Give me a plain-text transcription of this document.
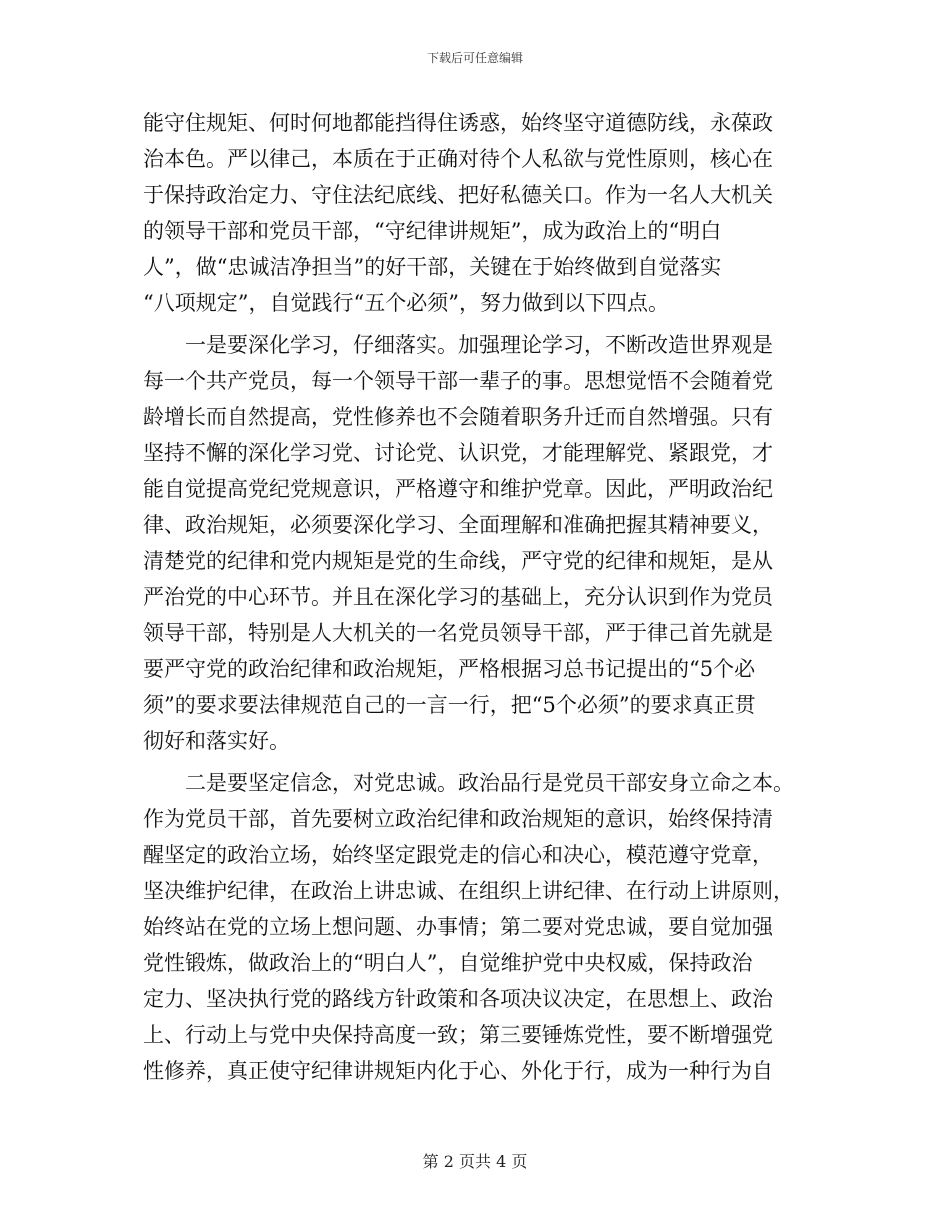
下载后可任意编辑
能守住规矩、何时何地都能挡得住诱惑，始终坚守道德防线，永葆政
治本色。严以律己，本质在于正确对待个人私欲与党性原则，核心在
于保持政治定力、守住法纪底线、把好私德关口。作为一名人大机关
的领导干部和党员干部，“守纪律讲规矩”，成为政治上的“明白
人”，做“忠诚洁净担当”的好干部，关键在于始终做到自觉落实
“八项规定”，自觉践行“五个必须”，努力做到以下四点。
一是要深化学习，仔细落实。加强理论学习，不断改造世界观是
每一个共产党员，每一个领导干部一辈子的事。思想觉悟不会随着党
龄增长而自然提高，党性修养也不会随着职务升迁而自然增强。只有
坚持不懈的深化学习党、讨论党、认识党，才能理解党、紧跟党，才
能自觉提高党纪党规意识，严格遵守和维护党章。因此，严明政治纪
律、政治规矩，必须要深化学习、全面理解和准确把握其精神要义，
清楚党的纪律和党内规矩是党的生命线，严守党的纪律和规矩，是从
严治党的中心环节。并且在深化学习的基础上，充分认识到作为党员
领导干部，特别是人大机关的一名党员领导干部，严于律己首先就是
要严守党的政治纪律和政治规矩，严格根据习总书记提出的“5个必
须”的要求要法律规范自己的一言一行，把“5个必须”的要求真正贯
彻好和落实好。
二是要坚定信念，对党忠诚。政治品行是党员干部安身立命之本。
作为党员干部，首先要树立政治纪律和政治规矩的意识，始终保持清
醒坚定的政治立场，始终坚定跟党走的信心和决心，模范遵守党章，
坚决维护纪律，在政治上讲忠诚、在组织上讲纪律、在行动上讲原则，
始终站在党的立场上想问题、办事情；第二要对党忠诚，要自觉加强
党性锻炼，做政治上的“明白人”，自觉维护党中央权威，保持政治
定力、坚决执行党的路线方针政策和各项决议决定，在思想上、政治
上、行动上与党中央保持高度一致；第三要锤炼党性，要不断增强党
性修养，真正使守纪律讲规矩内化于心、外化于行，成为一种行为自
第 2 页共 4 页
